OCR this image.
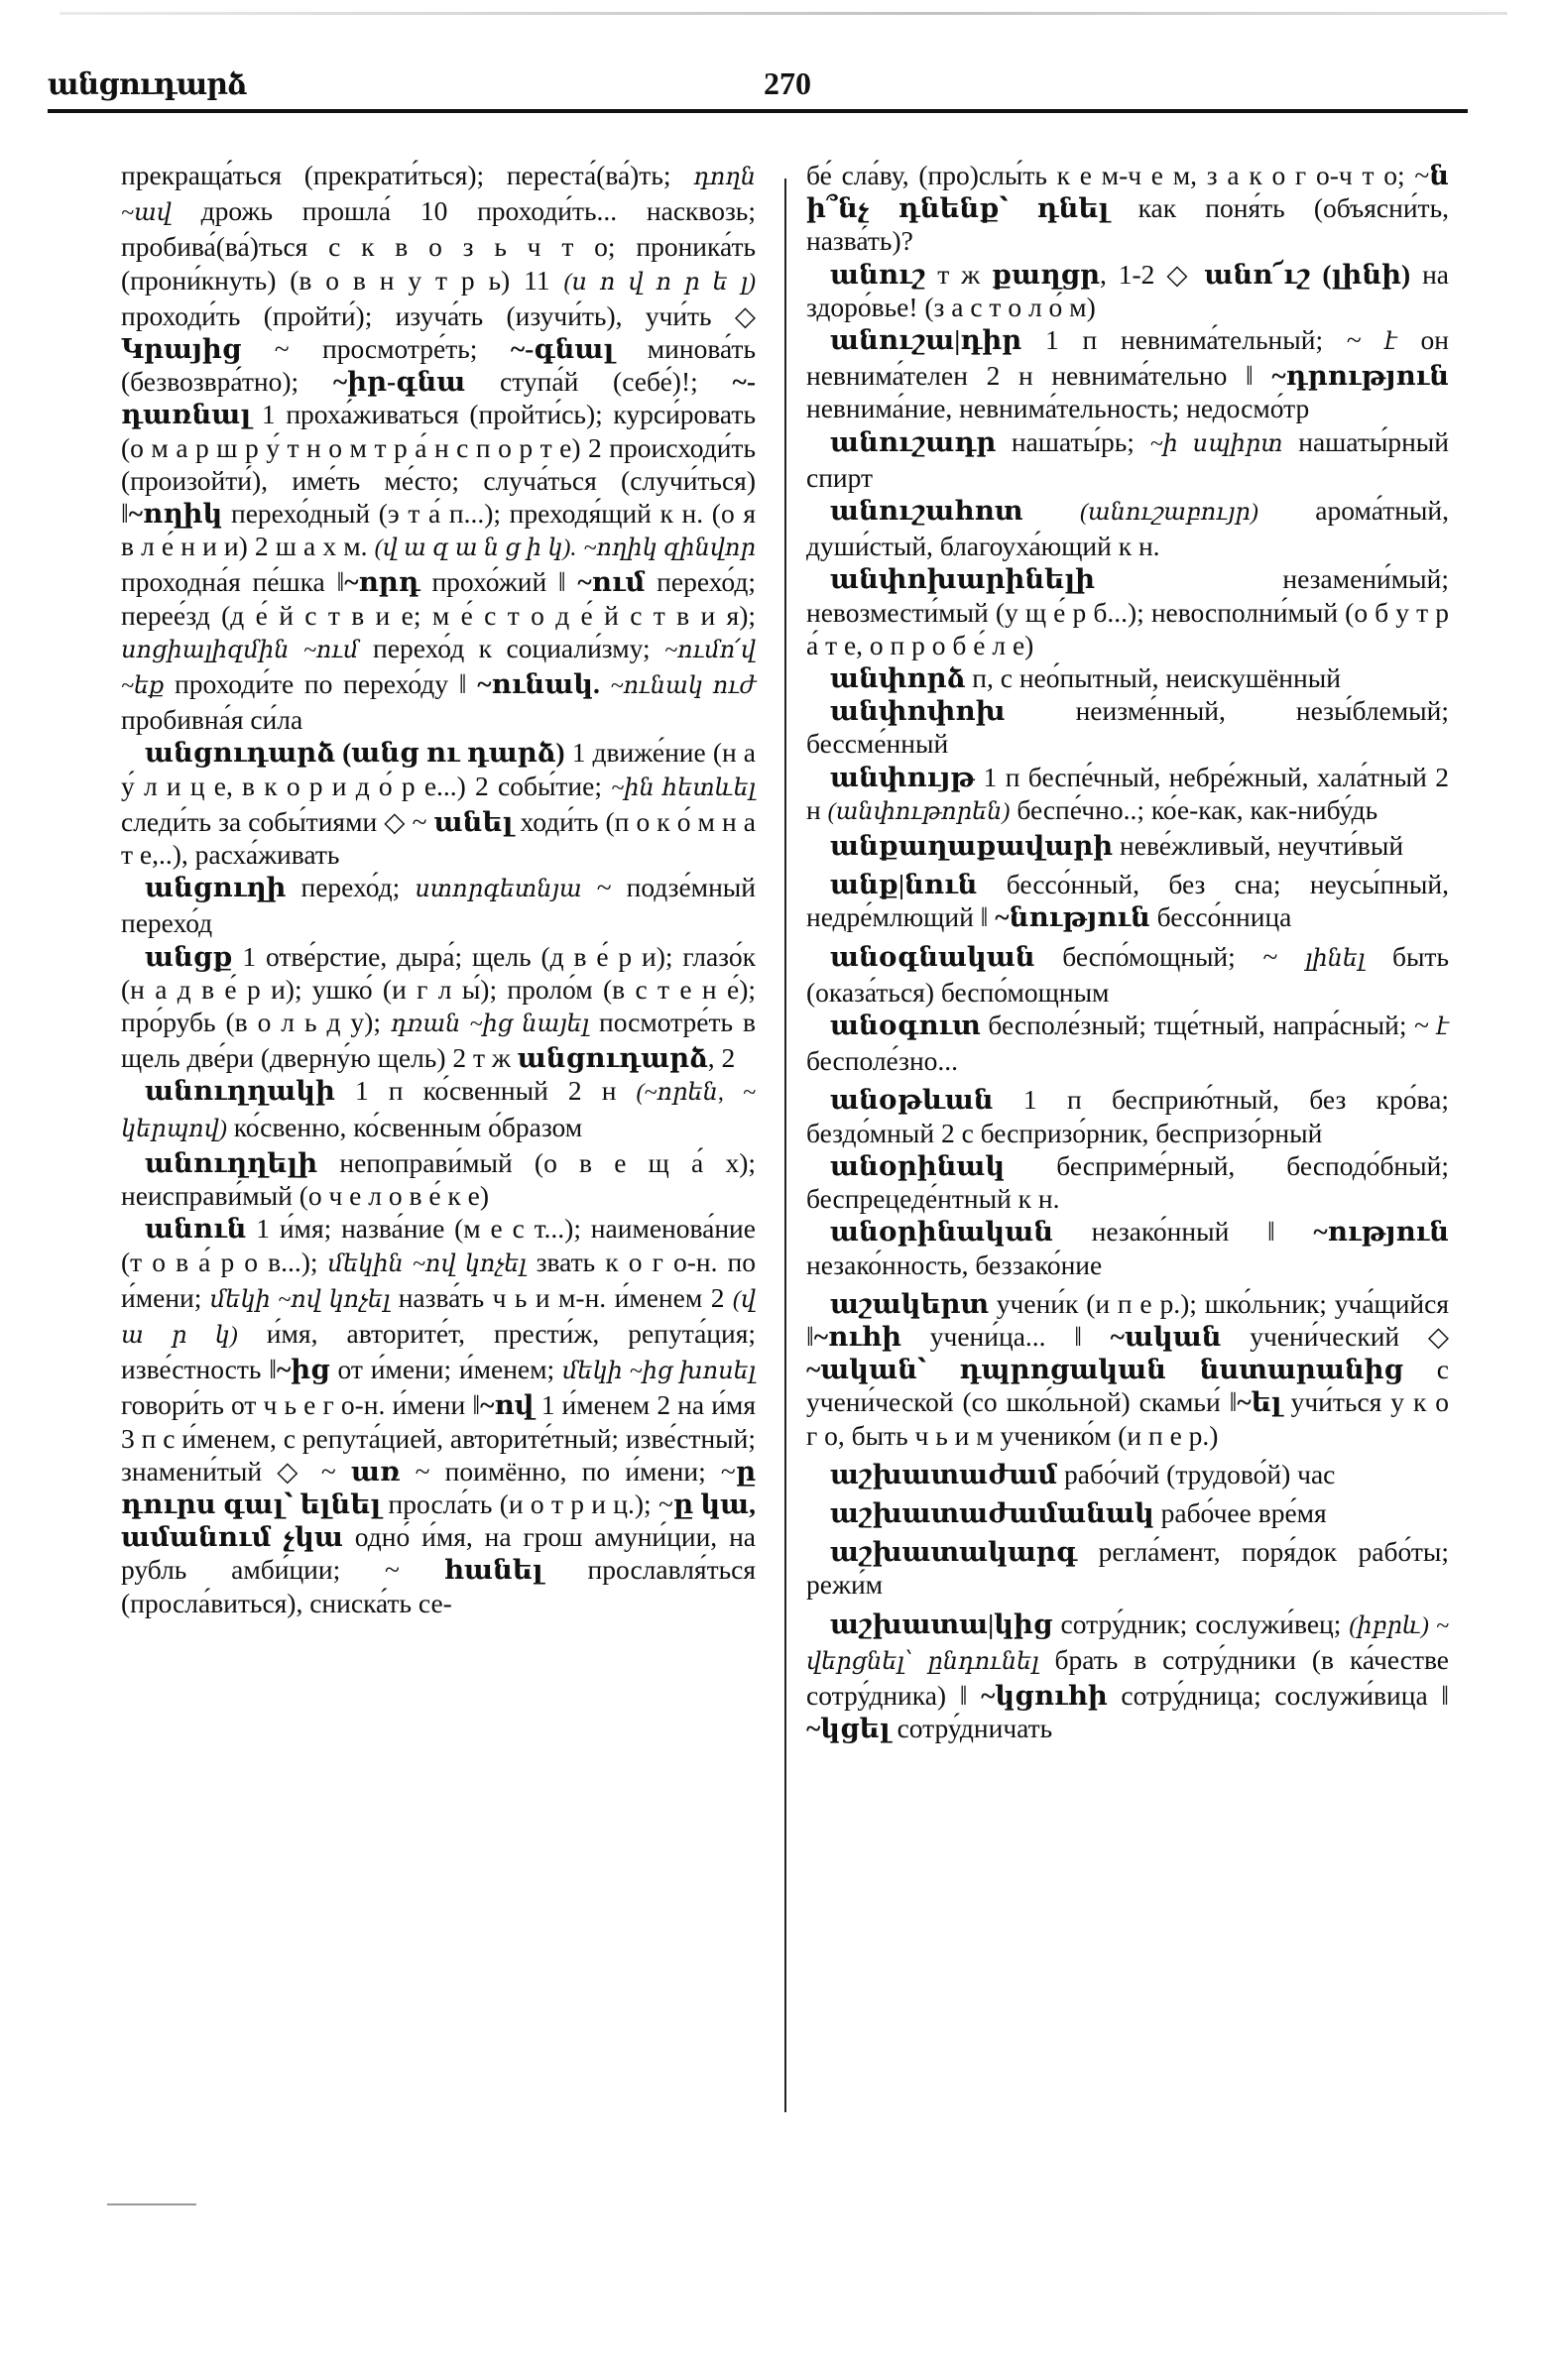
անցուդարձ	270

прекраща́ться (прекрати́ться); переста́(ва́)ть; դողն ~ավ дрожь прошла́ 10 проходи́ть... насквозь; пробива́(ва́)ться с к в о з ь ч т о; проника́ть (прони́кнуть) (в о в н у т р ь) 11 (ս ո վ ո ր ե լ) проходи́ть (пройти́); изуча́ть (изучи́ть), учи́ть ◇ Կրայից ~ просмотре́ть; ~-գնալ минова́ть (безвозвра́тно); ~իր-գնա ступа́й (себе́)!; ~-դառնալ 1 проха́живаться (пройти́сь); курси́ровать (о м а р ш р у́ т н о м т р а́ н с п о р т е) 2 происходи́ть (произойти́), име́ть ме́сто; случа́ться (случи́ться) ‖~ողիկ перехо́дный (э т а́ п...); преходя́щий к н. (о я в л е́ н и и) 2 ш а х м. (վ ա զ ա ն ց ի կ). ~ողիկ զինվոր проходна́я пе́шка ‖~որդ прохо́жий ‖ ~ում перехо́д; перее́зд (д е́ й с т в и е; м е́ с т о д е́ й с т в и я); սոցիալիզմին ~ում перехо́д к социали́зму; ~ումո՛վ ~եք проходи́те по перехо́ду ‖ ~ունակ. ~ունակ ուժ пробивна́я си́ла

անցուդարձ (անց ու դարձ) 1 движе́ние (н а у́ л и ц е, в к о р и д о́ р е...) 2 собы́тие; ~ին հետևել следи́ть за собы́тиями ◇ ~ անել ходи́ть (п о к о́ м н а т е,..), расха́живать

անցուղի перехо́д; ստորգետնյա ~ подзе́мный перехо́д

անցք 1 отве́рстие, дыра́; щель (д в е́ р и); глазо́к (н а д в е́ р и); ушко́ (и г л ы́); проло́м (в с т е н е́); про́рубь (в о л ь д у); դռան ~ից նայել посмотре́ть в щель две́ри (дверну́ю щель) 2 т ж անցուդարձ, 2

անուղղակի 1 п ко́свенный 2 н (~որեն, ~ կերպով) ко́свенно, ко́свенным о́бразом

անուղղելի непоправи́мый (о в е щ а́ х); неисправи́мый (о ч е л о в е́ к е)

անուն 1 и́мя; назва́ние (м е с т...); наименова́ние (т о в а́ р о в...); մեկին ~ով կոչել звать к о г о-н. по и́мени; մեկի ~ով կոչել назва́ть ч ь и м-н. и́менем 2 (վ ա ր կ) и́мя, авторите́т, прести́ж, репута́ция; изве́стность ‖~ից от и́мени; и́менем; մեկի ~ից խոսել говори́ть от ч ь е г о-н. и́мени ‖~ով 1 и́менем 2 на и́мя 3 п с и́менем, с репута́цией, авторите́тный; изве́стный; знамени́тый ◇ ~ առ ~ поимённо, по и́мени; ~ը դուրս գալ՝ ելնել просла́ть (и о т р и ц.); ~ը կա, ամանում չկա одно́ и́мя, на грош амуни́ции, на рубль амби́ции; ~ հանել прославля́ться (просла́виться), сниска́ть се-

бе́ сла́ву, (про)слы́ть к е м-ч е м, з а к о г о-ч т о; ~ն ի՞նչ դնենք՝ դնել как поня́ть (объясни́ть, назва́ть)?

անուշ т ж քաղցր, 1-2 ◇ անո՜ւշ (լինի) на здоро́вье! (з а с т о л о́ м)

անուշա|դիր 1 п невнима́тельный; ~ է он невнима́телен 2 н невнима́тельно ‖ ~դրություն невнима́ние, невнима́тельность; недосмо́тр

անուշադր нашаты́рь; ~ի սպիրտ нашаты́рный спирт

անուշահոտ (անուշաբույր) арома́тный, души́стый, благоуха́ющий к н.

անփոխարինելի незамени́мый; невозмести́мый (у щ е́ р б...); невосполни́мый (о б у т р а́ т е, о п р о б е́ л е)

անփորձ п, с нео́пытный, неискушённый

անփոփոխ неизме́нный, незы́блемый; бессме́нный

անփույթ 1 п беспе́чный, небре́жный, хала́тный 2 н (անփութորեն) беспе́чно..; ко́е-как, как-нибу́дь

անքաղաքավարի неве́жливый, неучти́вый

անք|նուն бессо́нный, без сна; неусы́пный, недре́млющий ‖ ~նություն бессо́нница

անօգնական беспо́мощный; ~ լինել быть (оказа́ться) беспо́мощным

անօգուտ бесполе́зный; тще́тный, напра́сный; ~ է бесполе́зно...

անօթևան 1 п бесприю́тный, без кро́ва; бездо́мный 2 с беспризо́рник, беспризо́рный

անօրինակ бесприме́рный, бесподо́бный; беспрецеде́нтный к н.

անօրինական незако́нный ‖ ~ություն незако́нность, беззако́ние

աշակերտ учени́к (и п е р.); шко́льник; уча́щийся ‖~ուհի учени́ца... ‖ ~ական учени́ческий ◇ ~ական՝ դպրոցական նստարանից с учени́ческой (со шко́льной) скамьи́ ‖~ել учи́ться у к о г о, быть ч ь и м ученико́м (и п е р.)

աշխատաժամ рабо́чий (трудово́й) час

աշխատաժամանակ рабо́чее вре́мя

աշխատակարգ регла́мент, поря́док рабо́ты; режи́м

աշխատա|կից сотру́дник; сослужи́вец; (իբրև) ~ վերցնել՝ ընդունել брать в сотру́дники (в ка́честве сотру́дника) ‖ ~կցուհի сотру́дница; сослужи́вица ‖ ~կցել сотру́дничать
